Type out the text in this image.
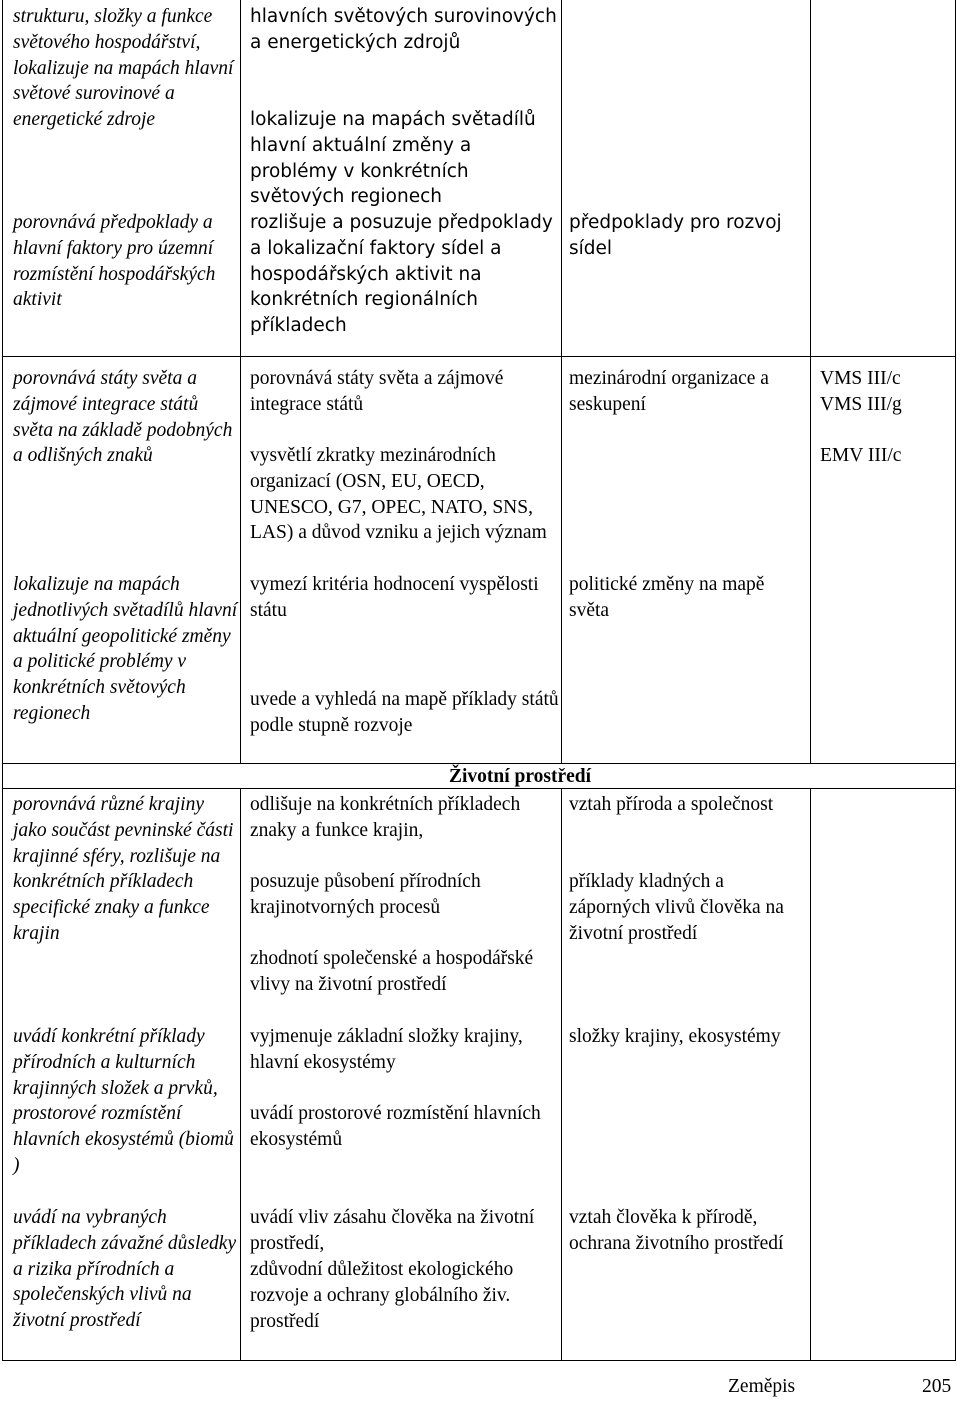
strukturu, složky a funkce světového hospodářství, lokalizuje na mapách hlavní světové surovinové a energetické zdroje

porovnává předpoklady a hlavní faktory pro územní rozmístění hospodářských aktivit

hlavních světových surovinových a energetických zdrojů

lokalizuje na mapách světadílů hlavní aktuální změny a problémy v konkrétních světových regionech

rozlišuje a posuzuje předpoklady a lokalizační faktory sídel a hospodářských aktivit na konkrétních regionálních příkladech

předpoklady pro rozvoj sídel

porovnává státy světa a zájmové integrace států světa na základě podobných a odlišných znaků

lokalizuje na mapách jednotlivých světadílů hlavní aktuální geopolitické změny a politické problémy v konkrétních světových regionech

porovnává státy světa a zájmové integrace států

vysvětlí zkratky mezinárodních organizací (OSN, EU, OECD, UNESCO, G7, OPEC, NATO, SNS, LAS) a důvod vzniku a jejich význam

vymezí kritéria hodnocení vyspělosti státu

uvede a vyhledá na mapě příklady států podle stupně rozvoje

mezinárodní organizace a seskupení

politické změny na mapě světa

VMS III/c

VMS III/g

EMV III/c

Životní prostředí

porovnává různé krajiny jako součást pevninské části krajinné sféry, rozlišuje na konkrétních příkladech specifické znaky a funkce krajin

uvádí konkrétní příklady přírodních a kulturních krajinných složek a prvků, prostorové rozmístění hlavních ekosystémů (biomů )

uvádí na vybraných příkladech závažné důsledky a rizika přírodních a společenských vlivů na životní prostředí

odlišuje na konkrétních příkladech znaky a funkce krajin,

posuzuje působení přírodních krajinotvorných procesů

zhodnotí společenské a hospodářské vlivy na životní prostředí

vyjmenuje základní složky krajiny, hlavní ekosystémy

uvádí prostorové rozmístění hlavních ekosystémů

uvádí vliv zásahu člověka na životní prostředí,

zdůvodní důležitost ekologického rozvoje a ochrany globálního živ. prostředí

vztah příroda a společnost

příklady kladných a záporných vlivů člověka na životní prostředí

složky krajiny, ekosystémy

vztah člověka k přírodě, ochrana životního prostředí

Zeměpis	205
